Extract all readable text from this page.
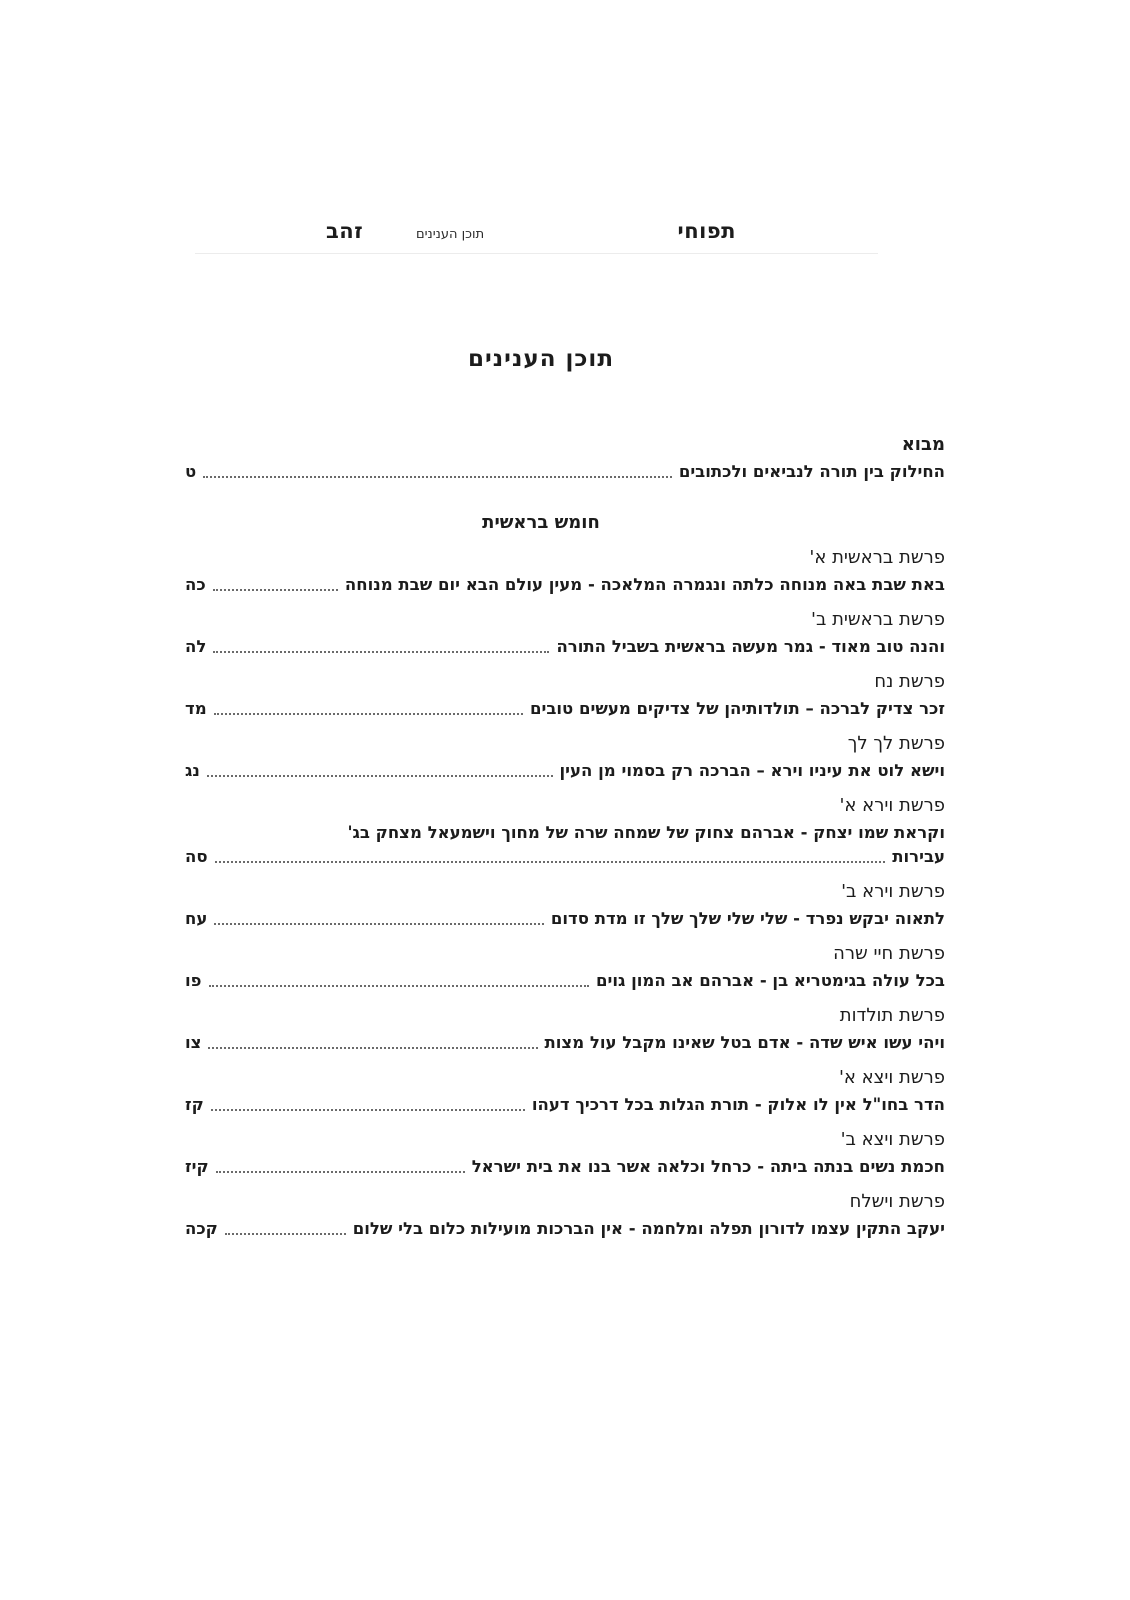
תפוחי
תוכן הענינים
זהב
תוכן הענינים
מבוא
החילוק בין תורה לנביאים ולכתובים
ט
חומש בראשית
פרשת בראשית א'
באת שבת באה מנוחה כלתה ונגמרה המלאכה - מעין עולם הבא יום שבת מנוחה
כה
פרשת בראשית ב'
והנה טוב מאוד - גמר מעשה בראשית בשביל התורה
לה
פרשת נח
זכר צדיק לברכה – תולדותיהן של צדיקים מעשים טובים
מד
פרשת לך לך
וישא לוט את עיניו וירא – הברכה רק בסמוי מן העין
נג
פרשת וירא א'
וקראת שמו יצחק - אברהם צחוק של שמחה שרה של מחוך וישמעאל מצחק בג'
עבירות
סה
פרשת וירא ב'
לתאוה יבקש נפרד - שלי שלי שלך שלך זו מדת סדום
עח
פרשת חיי שרה
בכל עולה בגימטריא בן - אברהם אב המון גוים
פו
פרשת תולדות
ויהי עשו איש שדה - אדם בטל שאינו מקבל עול מצות
צו
פרשת ויצא א'
הדר בחו"ל אין לו אלוק - תורת הגלות בכל דרכיך דעהו
קז
פרשת ויצא ב'
חכמת נשים בנתה ביתה - כרחל וכלאה אשר בנו את בית ישראל
קיז
פרשת וישלח
יעקב התקין עצמו לדורון תפלה ומלחמה - אין הברכות מועילות כלום בלי שלום
קכה
